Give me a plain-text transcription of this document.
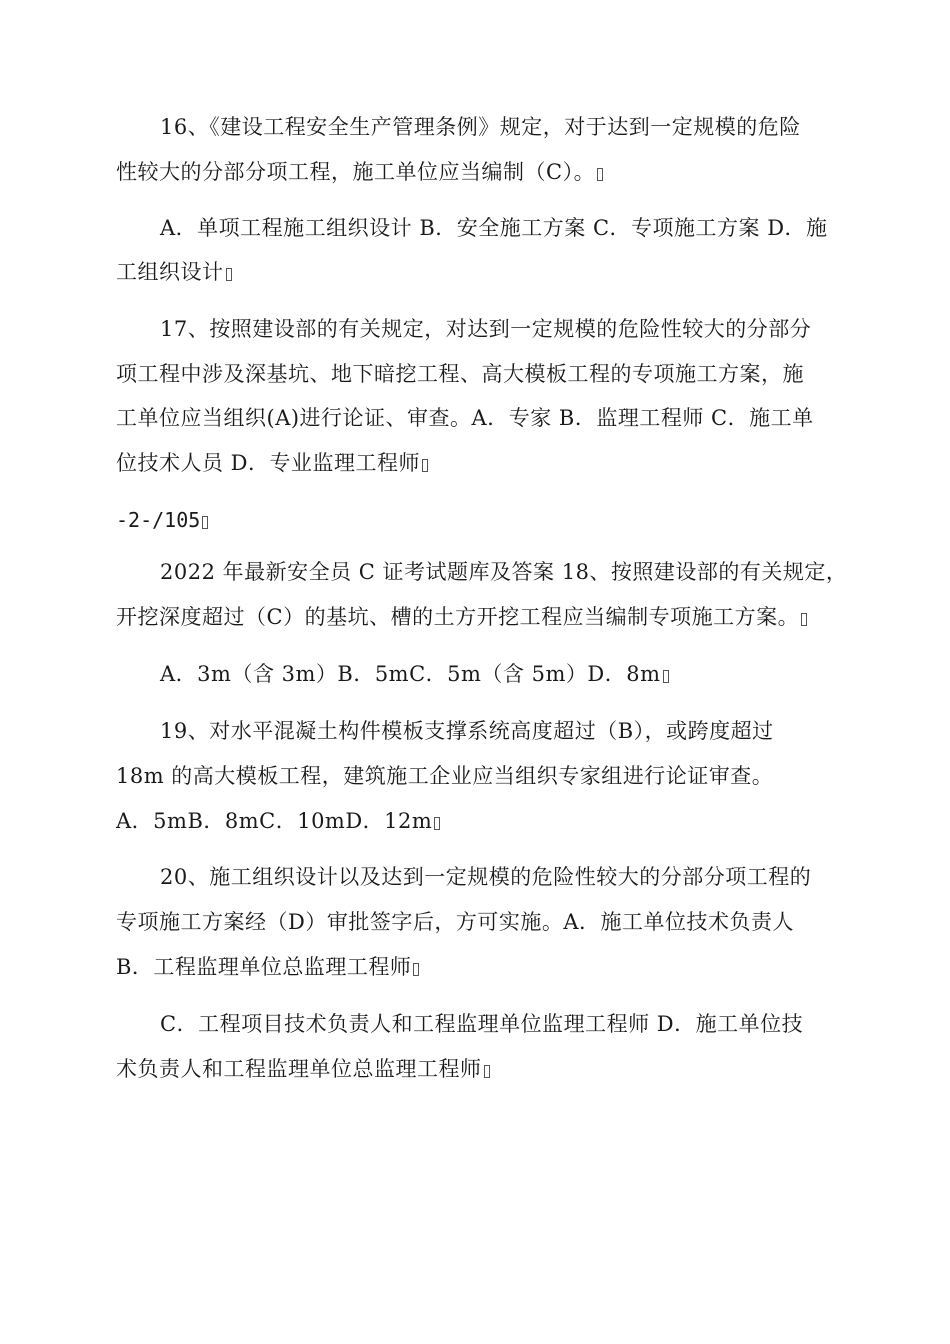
16、《建设工程安全生产管理条例》规定，对于达到一定规模的危险
性较大的分部分项工程，施工单位应当编制（C）。
A．单项工程施工组织设计 B．安全施工方案 C．专项施工方案 D．施
工组织设计
17、按照建设部的有关规定，对达到一定规模的危险性较大的分部分
项工程中涉及深基坑、地下暗挖工程、高大模板工程的专项施工方案，施
工单位应当组织(A)进行论证、审查。A．专家 B．监理工程师 C．施工单
位技术人员 D．专业监理工程师
-2-/105
2022 年最新安全员 C 证考试题库及答案 18、按照建设部的有关规定，
开挖深度超过（C）的基坑、槽的土方开挖工程应当编制专项施工方案。
A．3m（含 3m）B．5mC．5m（含 5m）D．8m
19、对水平混凝土构件模板支撑系统高度超过（B），或跨度超过
18m 的高大模板工程，建筑施工企业应当组织专家组进行论证审查。
A．5mB．8mC．10mD．12m
20、施工组织设计以及达到一定规模的危险性较大的分部分项工程的
专项施工方案经（D）审批签字后，方可实施。A．施工单位技术负责人
B．工程监理单位总监理工程师
C．工程项目技术负责人和工程监理单位监理工程师 D．施工单位技
术负责人和工程监理单位总监理工程师
